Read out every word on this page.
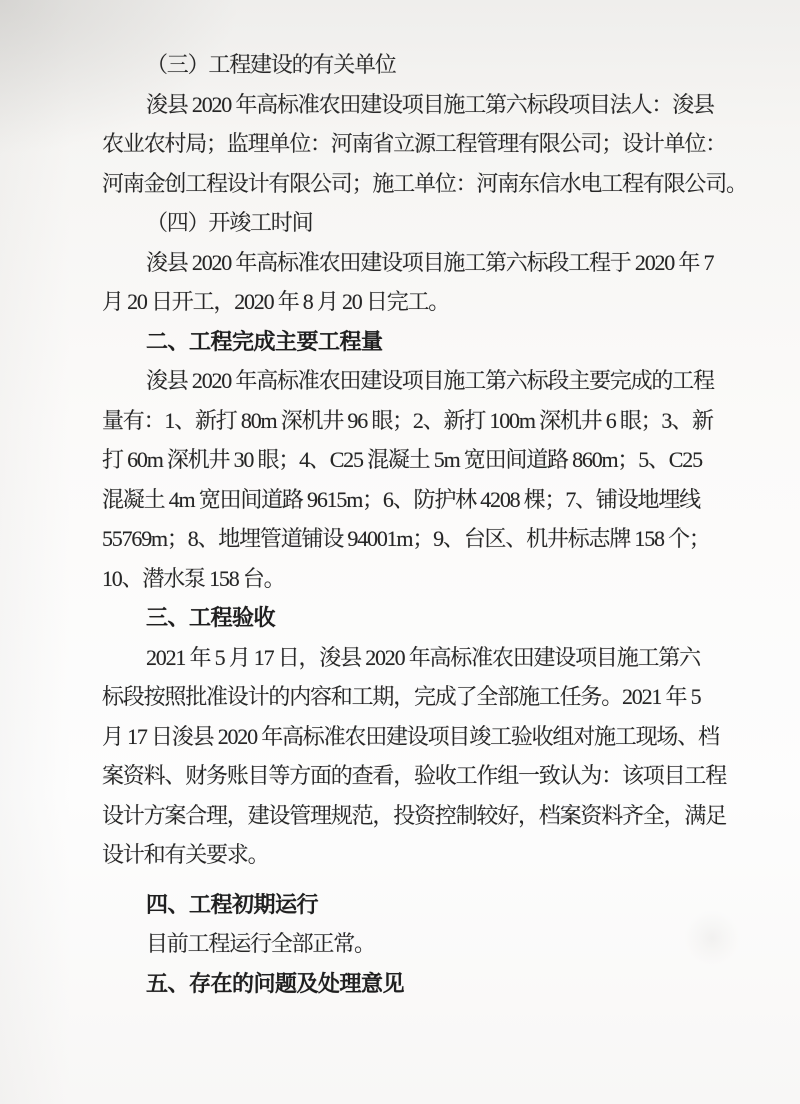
（三）工程建设的有关单位
浚县 2020 年高标准农田建设项目施工第六标段项目法人：浚县
农业农村局；监理单位：河南省立源工程管理有限公司；设计单位：
河南金创工程设计有限公司；施工单位：河南东信水电工程有限公司。
（四）开竣工时间
浚县 2020 年高标准农田建设项目施工第六标段工程于 2020 年 7
月 20 日开工，2020 年 8 月 20 日完工。
二、工程完成主要工程量
浚县 2020 年高标准农田建设项目施工第六标段主要完成的工程
量有：1、新打 80m 深机井 96 眼；2、新打 100m 深机井 6 眼；3、新
打 60m 深机井 30 眼；4、C25 混凝土 5m 宽田间道路 860m；5、C25
混凝土 4m 宽田间道路 9615m；6、防护林 4208 棵；7、铺设地埋线
55769m；8、地埋管道铺设 94001m；9、台区、机井标志牌 158 个；
10、潜水泵 158 台。
三、工程验收
2021 年 5 月 17 日，浚县 2020 年高标准农田建设项目施工第六
标段按照批准设计的内容和工期，完成了全部施工任务。2021 年 5
月 17 日浚县 2020 年高标准农田建设项目竣工验收组对施工现场、档
案资料、财务账目等方面的查看，验收工作组一致认为：该项目工程
设计方案合理，建设管理规范，投资控制较好，档案资料齐全，满足
设计和有关要求。
四、工程初期运行
目前工程运行全部正常。
五、存在的问题及处理意见
